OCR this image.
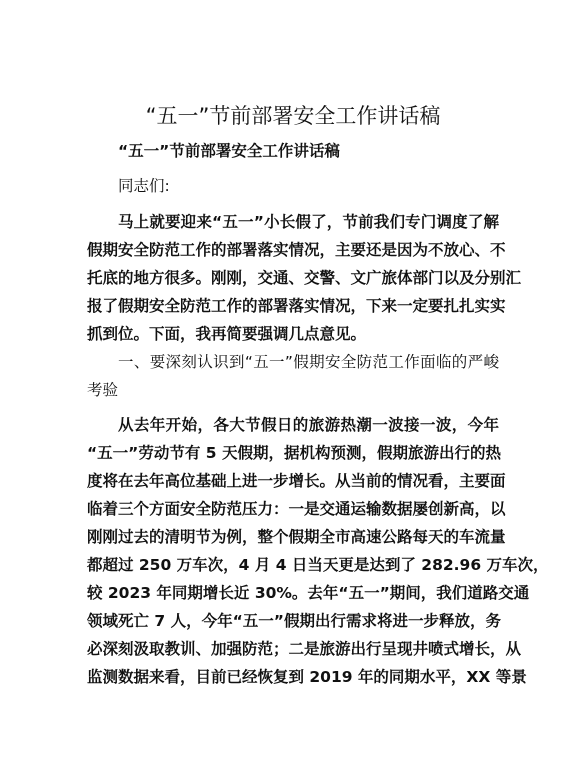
“五一”节前部署安全工作讲话稿
“五一”节前部署安全工作讲话稿
同志们:
马上就要迎来“五一”小长假了，节前我们专门调度了解
假期安全防范工作的部署落实情况，主要还是因为不放心、不
托底的地方很多。刚刚，交通、交警、文广旅体部门以及分别汇
报了假期安全防范工作的部署落实情况，下来一定要扎扎实实
抓到位。下面，我再简要强调几点意见。
一、要深刻认识到“五一”假期安全防范工作面临的严峻
考验
从去年开始，各大节假日的旅游热潮一波接一波，今年
“五一”劳动节有 5 天假期，据机构预测，假期旅游出行的热
度将在去年高位基础上进一步增长。从当前的情况看，主要面
临着三个方面安全防范压力：一是交通运输数据屡创新高，以
刚刚过去的清明节为例，整个假期全市高速公路每天的车流量
都超过 250 万车次，4 月 4 日当天更是达到了 282.96 万车次，
较 2023 年同期增长近 30%。去年“五一”期间，我们道路交通
领域死亡 7 人，今年“五一”假期出行需求将进一步释放，务
必深刻汲取教训、加强防范；二是旅游出行呈现井喷式增长，从
监测数据来看，目前已经恢复到 2019 年的同期水平，XX 等景
